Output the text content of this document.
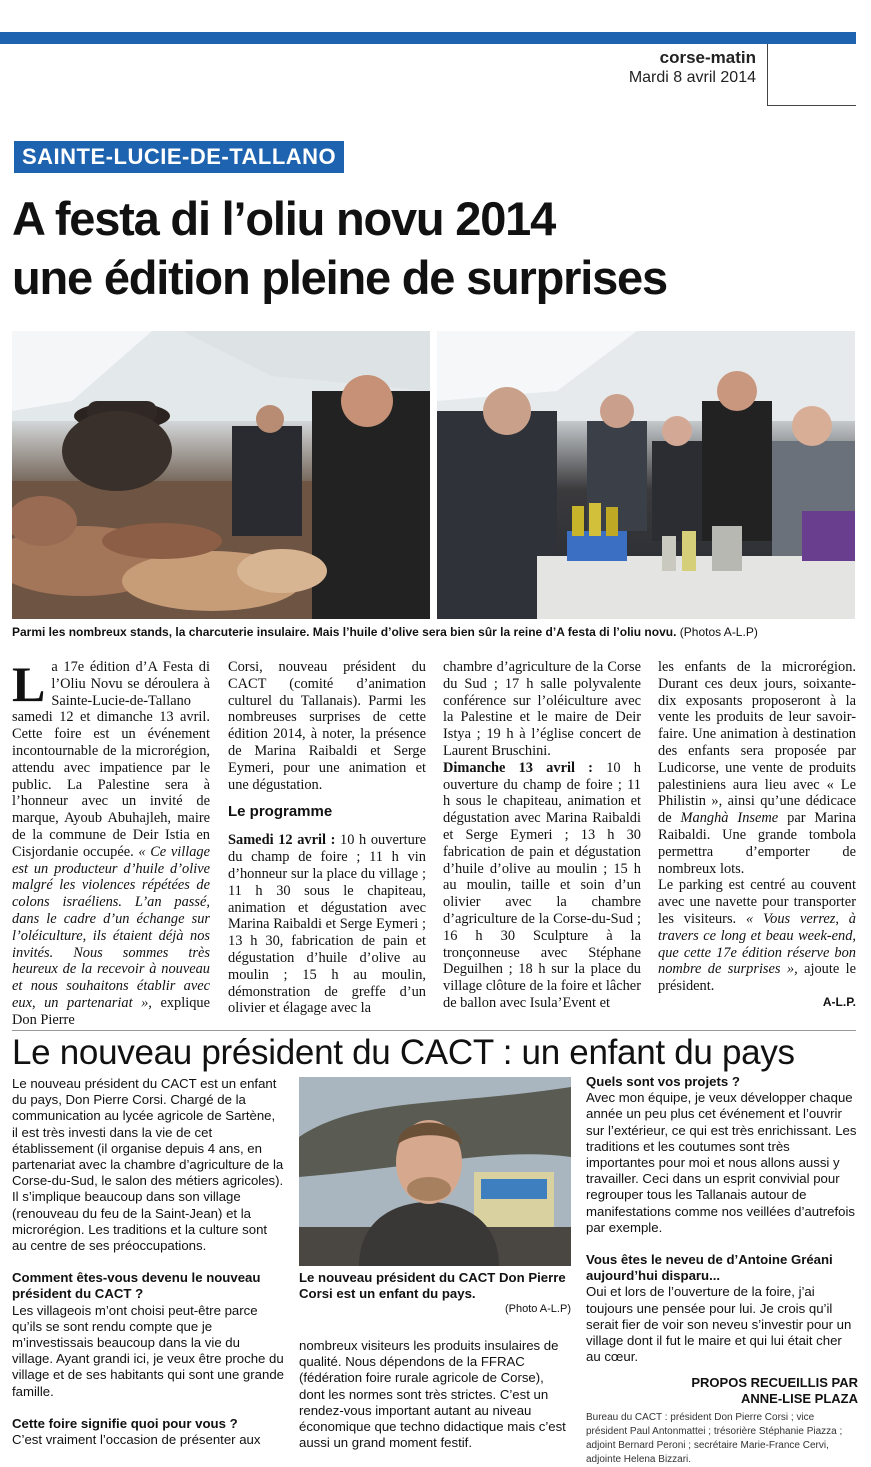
corse-matin
Mardi 8 avril 2014
SAINTE-LUCIE-DE-TALLANO
A festa di l’oliu novu 2014
une édition pleine de surprises
Parmi les nombreux stands, la charcuterie insulaire. Mais l’huile d’olive sera bien sûr la reine d’A festa di l’oliu novu. (Photos A-L.P)
L a 17e édition d’A Festa di l’Oliu Novu se déroulera à Sainte-Lucie-de-Tallano samedi 12 et dimanche 13 avril. Cette foire est un événement incontournable de la microrégion, attendu avec impatience par le public. La Palestine sera à l’honneur avec un invité de marque, Ayoub Abuhajleh, maire de la commune de Deir Istia en Cisjordanie occupée. « Ce village est un producteur d’huile d’olive malgré les violences répétées de colons israéliens. L’an passé, dans le cadre d’un échange sur l’oléiculture, ils étaient déjà nos invités. Nous sommes très heureux de la recevoir à nouveau et nous souhaitons établir avec eux, un partenariat », explique Don Pierre

Corsi, nouveau président du CACT (comité d’animation culturel du Tallanais). Parmi les nombreuses surprises de cette édition 2014, à noter, la présence de Marina Raibaldi et Serge Eymeri, pour une animation et une dégustation.

Le programme

Samedi 12 avril : 10 h ouverture du champ de foire ; 11 h vin d’honneur sur la place du village ; 11 h 30 sous le chapiteau, animation et dégustation avec Marina Raibaldi et Serge Eymeri ; 13 h 30, fabrication de pain et dégustation d’huile d’olive au moulin ; 15 h au moulin, démonstration de greffe d’un olivier et élagage avec la

chambre d’agriculture de la Corse du Sud ; 17 h salle polyvalente conférence sur l’oléiculture avec la Palestine et le maire de Deir Istya ; 19 h à l’église concert de Laurent Bruschini.

Dimanche 13 avril : 10 h ouverture du champ de foire ; 11 h sous le chapiteau, animation et dégustation avec Marina Raibaldi et Serge Eymeri ; 13 h 30 fabrication de pain et dégustation d’huile d’olive au moulin ; 15 h au moulin, taille et soin d’un olivier avec la chambre d’agriculture de la Corse-du-Sud ; 16 h 30 Sculpture à la tronçonneuse avec Stéphane Deguilhen ; 18 h sur la place du village clôture de la foire et lâcher de ballon avec Isula’Event et

les enfants de la microrégion. Durant ces deux jours, soixante-dix exposants proposeront à la vente les produits de leur savoir-faire. Une animation à destination des enfants sera proposée par Ludicorse, une vente de produits palestiniens aura lieu avec « Le Philistin », ainsi qu’une dédicace de Manghà Inseme par Marina Raibaldi. Une grande tombola permettra d’emporter de nombreux lots.

Le parking est centré au couvent avec une navette pour transporter les visiteurs. « Vous verrez, à travers ce long et beau week-end, que cette 17e édition réserve bon nombre de surprises », ajoute le président.

A-L.P.
Le nouveau président du CACT : un enfant du pays

Le nouveau président du CACT est un enfant du pays, Don Pierre Corsi. Chargé de la communication au lycée agricole de Sartène, il est très investi dans la vie de cet établissement (il organise depuis 4 ans, en partenariat avec la chambre d’agriculture de la Corse-du-Sud, le salon des métiers agricoles). Il s’implique beaucoup dans son village (renouveau du feu de la Saint-Jean) et la microrégion. Les traditions et la culture sont au centre de ses préoccupations.

Comment êtes-vous devenu le nouveau président du CACT ?

Les villageois m’ont choisi peut-être parce qu’ils se sont rendu compte que je m’investissais beaucoup dans la vie du village. Ayant grandi ici, je veux être proche du village et de ses habitants qui sont une grande famille.

Cette foire signifie quoi pour vous ?

C’est vraiment l’occasion de présenter aux

Le nouveau président du CACT Don Pierre Corsi est un enfant du pays.
(Photo A-L.P)

nombreux visiteurs les produits insulaires de qualité. Nous dépendons de la FFRAC (fédération foire rurale agricole de Corse), dont les normes sont très strictes. C’est un rendez-vous important autant au niveau économique que techno didactique mais c’est aussi un grand moment festif.

Quels sont vos projets ?

Avec mon équipe, je veux développer chaque année un peu plus cet événement et l’ouvrir sur l’extérieur, ce qui est très enrichissant. Les traditions et les coutumes sont très importantes pour moi et nous allons aussi y travailler. Ceci dans un esprit convivial pour regrouper tous les Tallanais autour de manifestations comme nos veillées d’autrefois par exemple.

Vous êtes le neveu de d’Antoine Gréani aujourd’hui disparu...

Oui et lors de l’ouverture de la foire, j’ai toujours une pensée pour lui. Je crois qu’il serait fier de voir son neveu s’investir pour un village dont il fut le maire et qui lui était cher au cœur.

PROPOS RECUEILLIS PAR
ANNE-LISE PLAZA
Bureau du CACT : président Don Pierre Corsi ; vice président Paul Antonmattei ; trésorière Stéphanie Piazza ; adjoint Bernard Peroni ; secrétaire Marie-France Cervi, adjointe Helena Bizzari.
